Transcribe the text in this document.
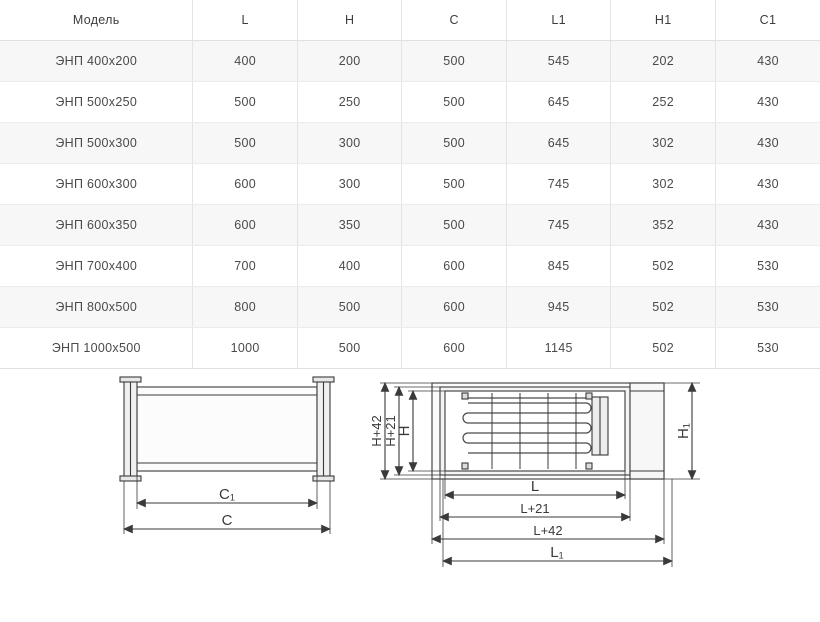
Модель	L	H	C	L1	H1	C1
ЭНП 400x200	400	200	500	545	202	430
ЭНП 500x250	500	250	500	645	252	430
ЭНП 500x300	500	300	500	645	302	430
ЭНП 600x300	600	300	500	745	302	430
ЭНП 600x350	600	350	500	745	352	430
ЭНП 700x400	700	400	600	845	502	530
ЭНП 800x500	800	500	600	945	502	530
ЭНП 1000x500	1000	500	600	1145	502	530
C₁
C
H+42 H+21
H	H₁
L
L+21
L+42
L₁
